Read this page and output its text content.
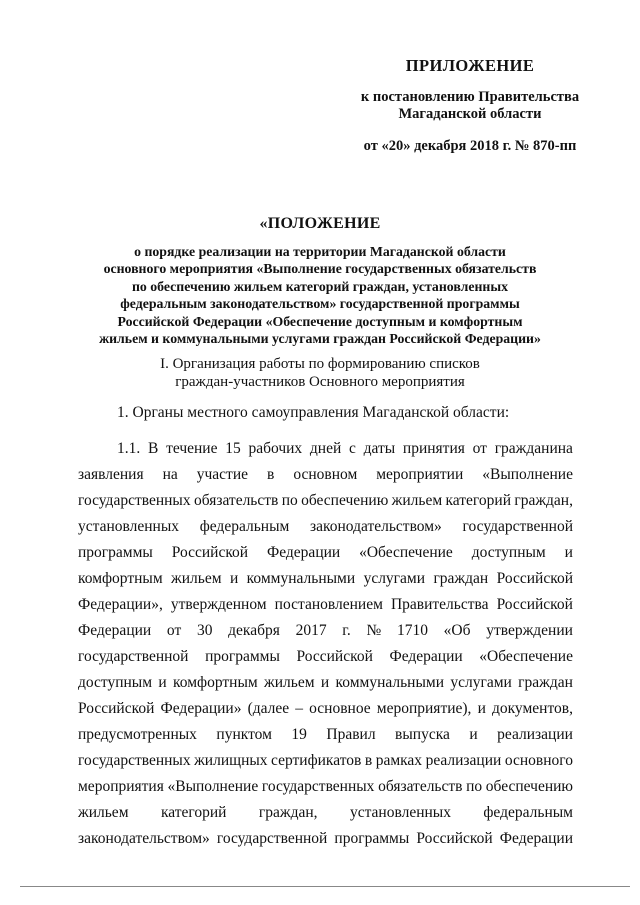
ПРИЛОЖЕНИЕ
к постановлению Правительства
Магаданской области
от «20» декабря 2018 г. № 870-пп
«ПОЛОЖЕНИЕ
о порядке реализации на территории Магаданской области
основного мероприятия «Выполнение государственных обязательств
по обеспечению жильем категорий граждан, установленных
федеральным законодательством» государственной программы
Российской Федерации «Обеспечение доступным и комфортным
жильем и коммунальными услугами граждан Российской Федерации»
I. Организация работы по формированию списков
граждан-участников Основного мероприятия
1. Органы местного самоуправления Магаданской области:
1.1. В течение 15 рабочих дней с даты принятия от гражданина
заявления на участие в основном мероприятии «Выполнение
государственных обязательств по обеспечению жильем категорий граждан,
установленных федеральным законодательством» государственной
программы Российской Федерации «Обеспечение доступным и
комфортным жильем и коммунальными услугами граждан Российской
Федерации», утвержденном постановлением Правительства Российской
Федерации от 30 декабря 2017 г. № 1710 «Об утверждении
государственной программы Российской Федерации «Обеспечение
доступным и комфортным жильем и коммунальными услугами граждан
Российской Федерации» (далее – основное мероприятие), и документов,
предусмотренных пунктом 19 Правил выпуска и реализации
государственных жилищных сертификатов в рамках реализации основного
мероприятия «Выполнение государственных обязательств по обеспечению
жильем категорий граждан, установленных федеральным
законодательством» государственной программы Российской Федерации
